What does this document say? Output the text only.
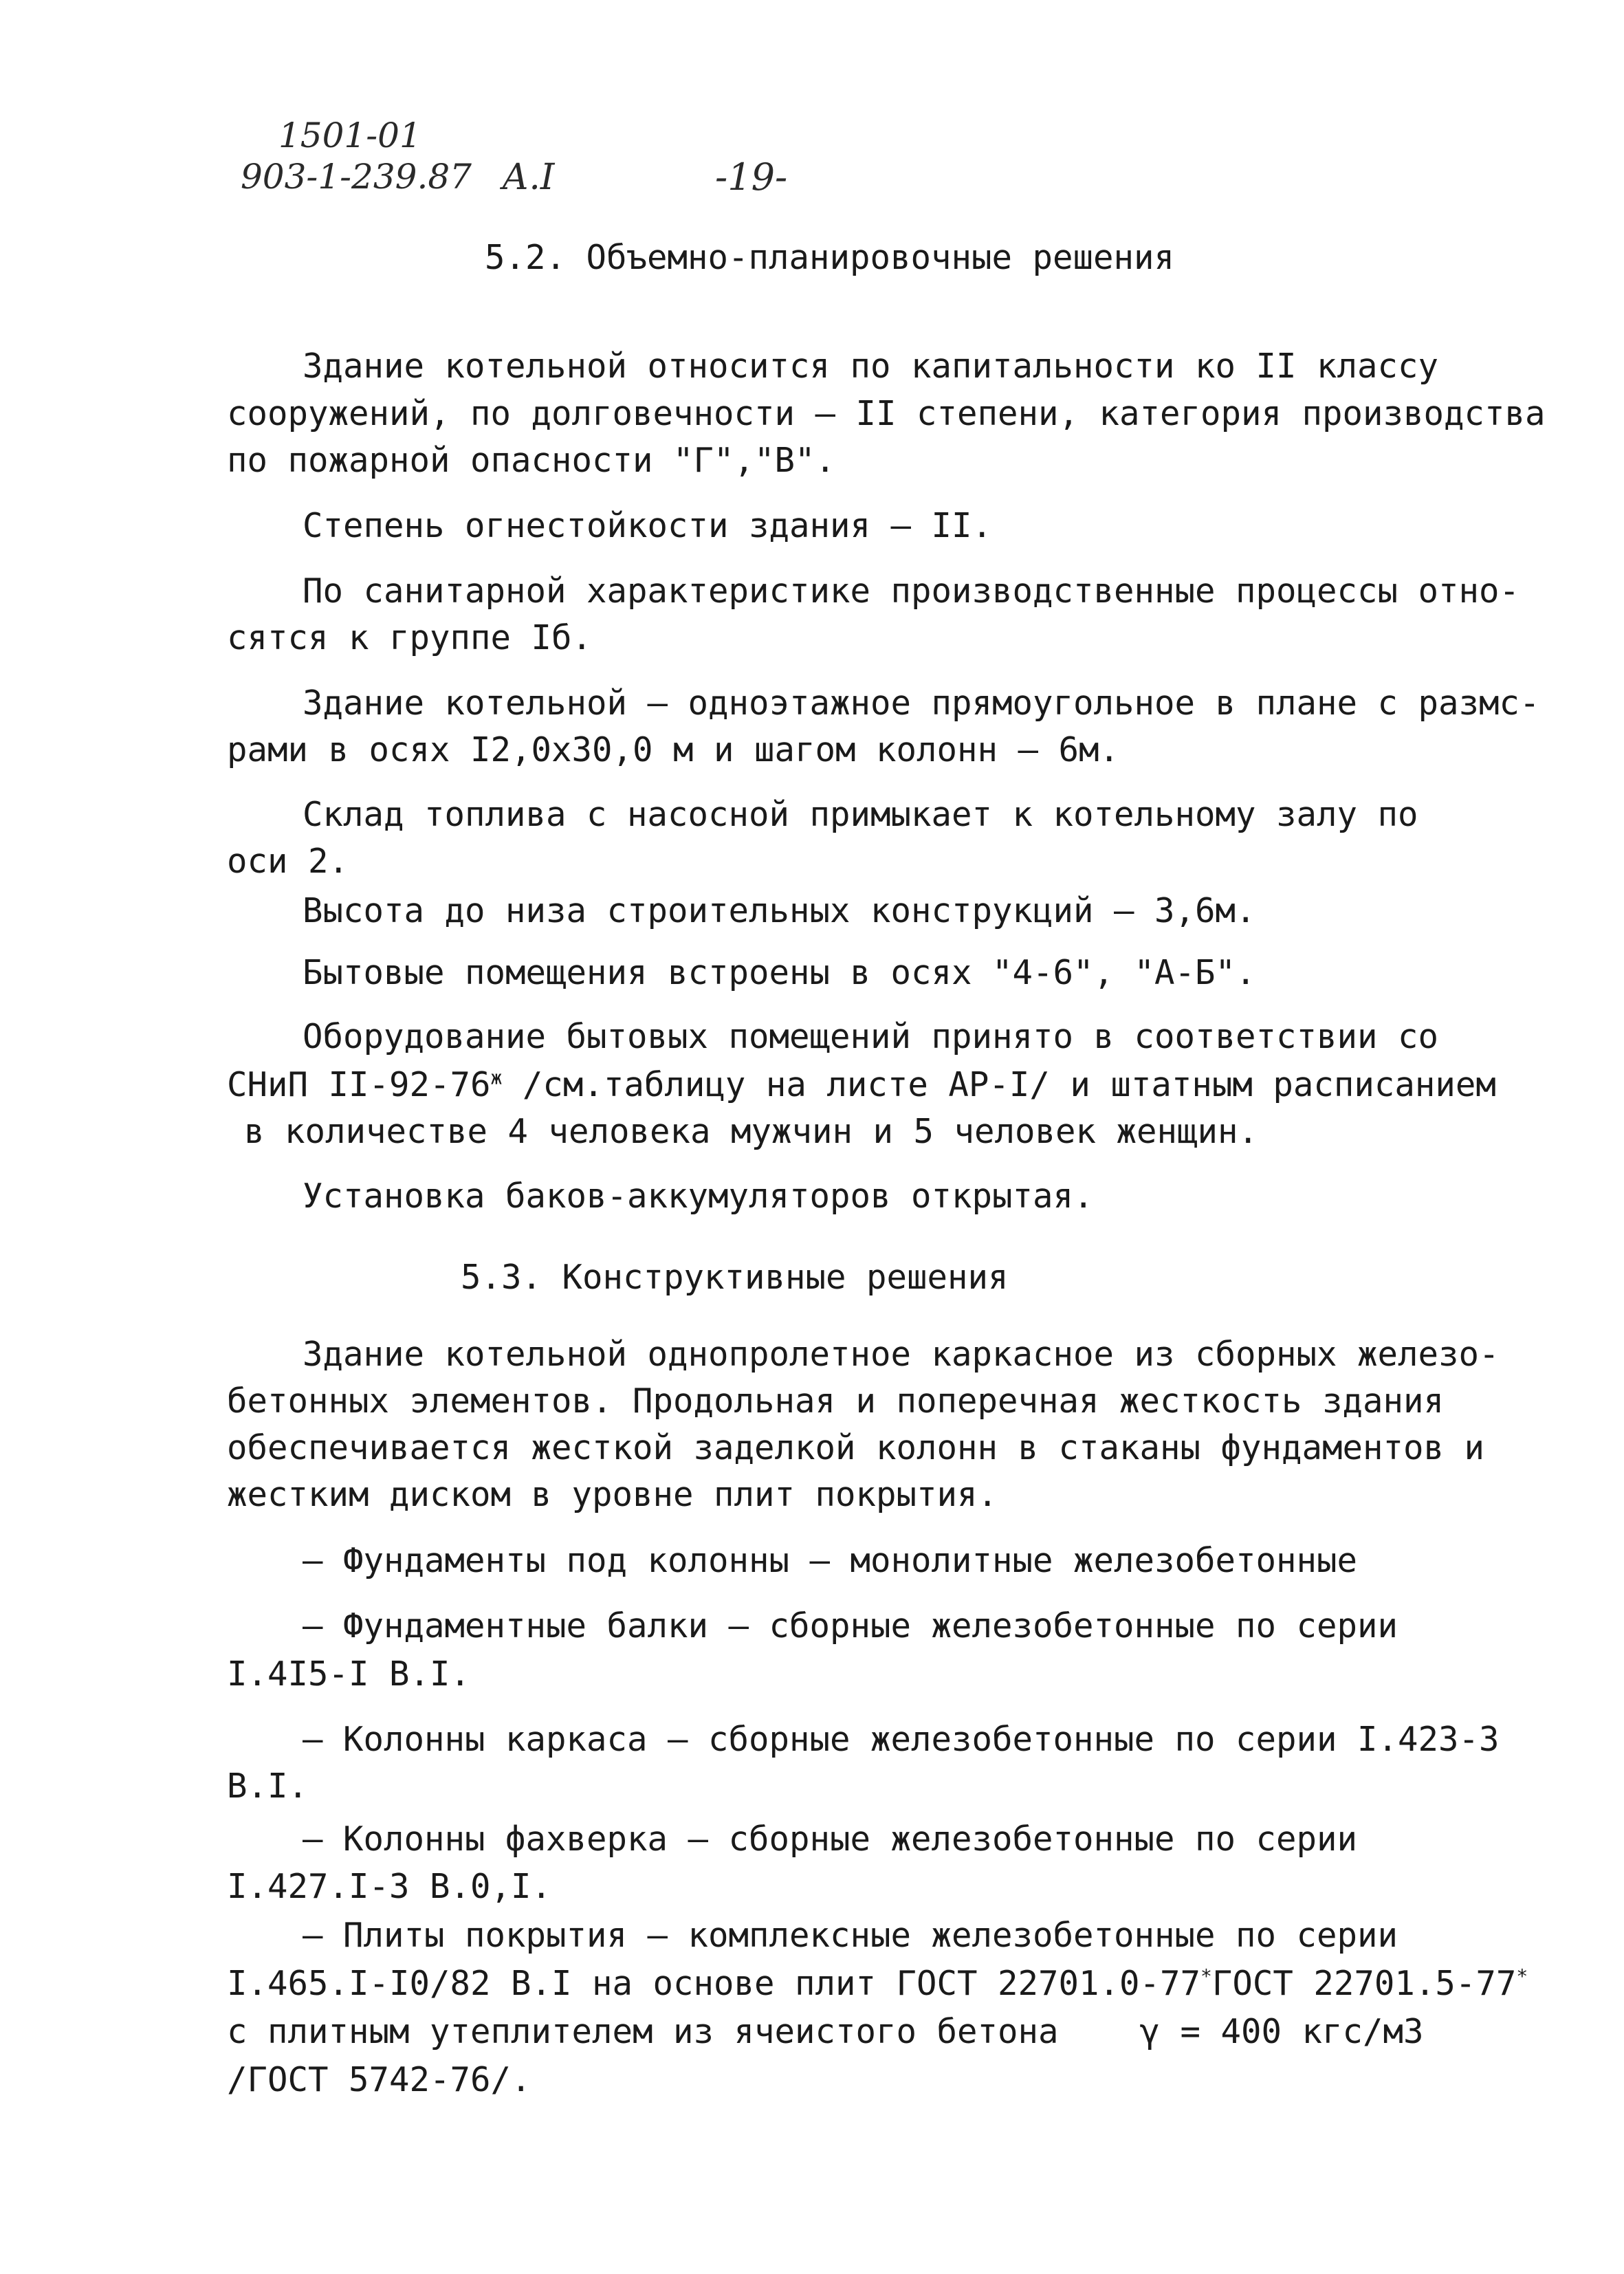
1501-01
903-1-239.87 А.I	-19-
5.2. Объемно-планировочные решения
Здание котельной относится по капитальности ко II классу
сооружений, по долговечности – II степени, категория производства
по пожарной опасности "Г","В".
Степень огнестойкости здания – II.
По санитарной характеристике производственные процессы отно-
сятся к группе Iб.
Здание котельной – одноэтажное прямоугольное в плане с размс-
рами в осях I2,0х30,0 м и шагом колонн – 6м.
Склад топлива с насосной примыкает к котельному залу по
оси 2.
Высота до низа строительных конструкций – 3,6м.
Бытовые помещения встроены в осях "4-6", "А-Б".
Оборудование бытовых помещений принято в соответствии со
СНиП $II-92-76^ж$ /см.таблицу на листе АР-I/ и штатным расписанием
в количестве 4 человека мужчин и 5 человек женщин.
Установка баков-аккумуляторов открытая.
5.3. Конструктивные решения
Здание котельной однопролетное каркасное из сборных железо-
бетонных элементов. Продольная и поперечная жесткость здания
обеспечивается жесткой заделкой колонн в стаканы фундаментов и
жестким диском в уровне плит покрытия.
– Фундаменты под колонны – монолитные железобетонные
– Фундаментные балки – сборные железобетонные по серии
I.4I5-I В.I.
– Колонны каркаса – сборные железобетонные по серии I.423-3
В.I.
– Колонны фахверка – сборные железобетонные по серии
I.427.I-3 В.0,I.
– Плиты покрытия – комплексные железобетонные по серии
I.465.I-I0/82 В.I на основе плит ГОСТ 22701.0-77*ГОСТ 22701.5-77*
с плитным утеплителем из ячеистого бетона    γ = 400 кгс/м3
/ГОСТ 5742-76/.
